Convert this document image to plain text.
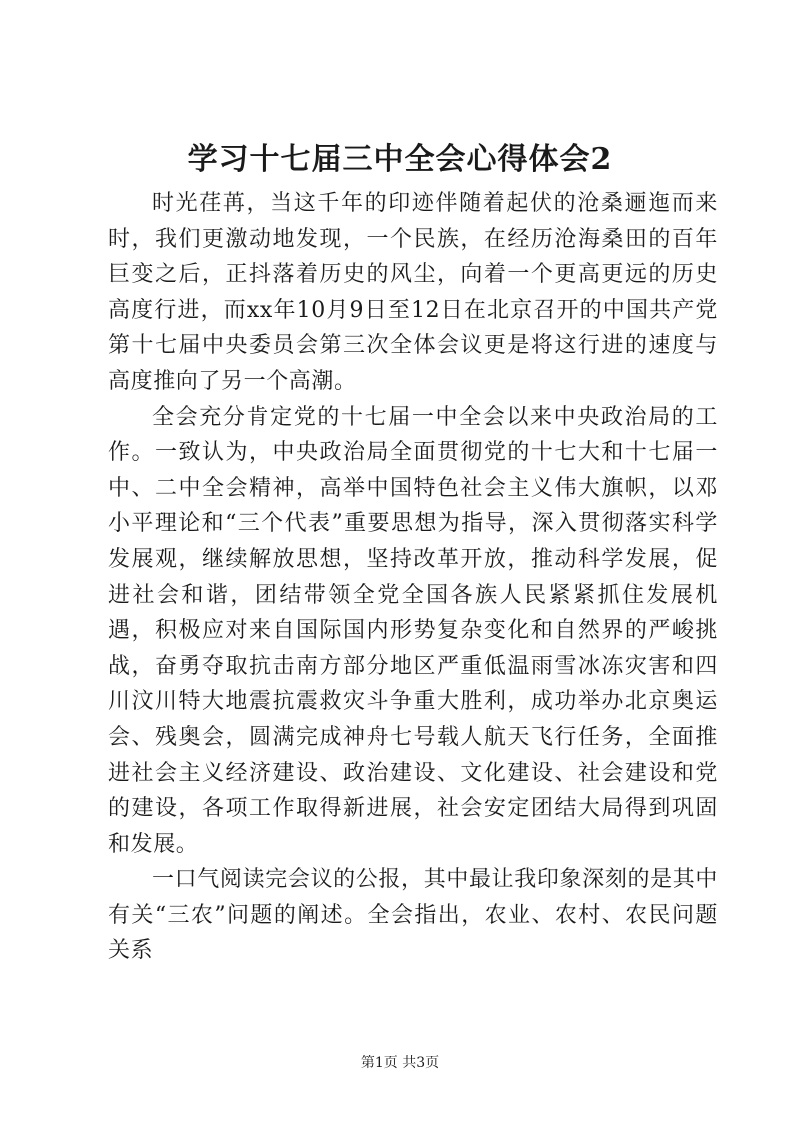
学习十七届三中全会心得体会2

时光荏苒，当这千年的印迹伴随着起伏的沧桑逦迤而来时，我们更激动地发现，一个民族，在经历沧海桑田的百年巨变之后，正抖落着历史的风尘，向着一个更高更远的历史高度行进，而xx年10月9日至12日在北京召开的中国共产党第十七届中央委员会第三次全体会议更是将这行进的速度与高度推向了另一个高潮。

全会充分肯定党的十七届一中全会以来中央政治局的工作。一致认为，中央政治局全面贯彻党的十七大和十七届一中、二中全会精神，高举中国特色社会主义伟大旗帜，以邓小平理论和“三个代表”重要思想为指导，深入贯彻落实科学发展观，继续解放思想，坚持改革开放，推动科学发展，促进社会和谐，团结带领全党全国各族人民紧紧抓住发展机遇，积极应对来自国际国内形势复杂变化和自然界的严峻挑战，奋勇夺取抗击南方部分地区严重低温雨雪冰冻灾害和四川汶川特大地震抗震救灾斗争重大胜利，成功举办北京奥运会、残奥会，圆满完成神舟七号载人航天飞行任务，全面推进社会主义经济建设、政治建设、文化建设、社会建设和党的建设，各项工作取得新进展，社会安定团结大局得到巩固和发展。

一口气阅读完会议的公报，其中最让我印象深刻的是其中有关“三农”问题的阐述。全会指出，农业、农村、农民问题关系

第1页 共3页
